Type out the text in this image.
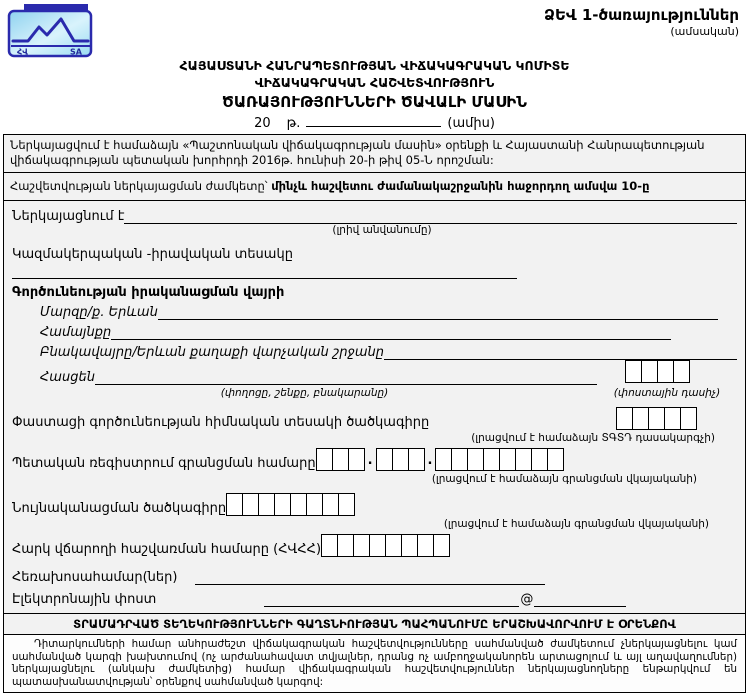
ՀՎ	SA
ՁԵՎ 1-ծառայություններ
(ամսական)
ՀԱՅԱՍՏԱՆԻ ՀԱՆՐԱՊԵՏՈՒԹՅԱՆ ՎԻՃԱԿԱԳՐԱԿԱՆ ԿՈՄԻՏԵ
ՎԻՃԱԿԱԳՐԱԿԱՆ ՀԱՇՎԵՏՎՈՒԹՅՈՒՆ
ԾԱՌԱՅՈՒԹՅՈՒՆՆԵՐԻ ԾԱՎԱԼԻ ՄԱՍԻՆ
20 թ.	(ամիս)
Ներկայացվում է համաձայն «Պաշտոնական վիճակագրության մասին» օրենքի և Հայաստանի Հանրապետության վիճակագրության պետական խորհրդի 2016թ. հունիսի 20-ի թիվ 05-Ն որոշման:
Հաշվետվության ներկայացման ժամկետը՝ մինչև հաշվետու ժամանակաշրջանին հաջորդող ամսվա 10-ը
Ներկայացնում է
(լրիվ անվանումը)
Կազմակերպական -իրավական տեսակը
Գործունեության իրականացման վայրի
Մարզը/ք. Երևան
Համայնքը
Բնակավայրը/Երևան քաղաքի վարչական շրջանը
Հասցեն
(փողոցը, շենքը, բնակարանը)	(փոստային դասիչ)
Փաստացի գործունեության հիմնական տեսակի ծածկագիրը
(լրացվում է համաձայն ՏԳՏԴ դասակարգչի)
Պետական ռեգիստրում գրանցման համարը	.	.
(լրացվում է համաձայն գրանցման վկայականի)
Նույնականացման ծածկագիրը
(լրացվում է համաձայն գրանցման վկայականի)
Հարկ վճարողի հաշվառման համարը (ՀՎՀՀ)
Հեռախոսահամար(ներ)
Էլեկտրոնային փոստ	@
ՏՐԱՄԱԴՐՎԱԾ ՏԵՂԵԿՈՒԹՅՈՒՆՆԵՐԻ ԳԱՂՏՆԻՈՒԹՅԱՆ ՊԱՀՊԱՆՈՒՄԸ ԵՐԱՇԽԱՎՈՐՎՈՒՄ Է ՕՐԵՆՔՈՎ
Դիտարկումների համար անհրաժեշտ վիճակագրական հաշվետվությունները սահմանված ժամկետում չներկայացնելու կամ սահմանված կարգի խախտումով (ոչ արժանահավատ տվյալներ, դրանց ոչ ամբողջականորեն արտացոլում և այլ աղավաղումներ) ներկայացնելու (անկախ ժամկետից) համար վիճակագրական հաշվետվություններ ներկայացնողները ենթարկվում են պատասխանատվության՝ օրենքով սահմանված կարգով:
